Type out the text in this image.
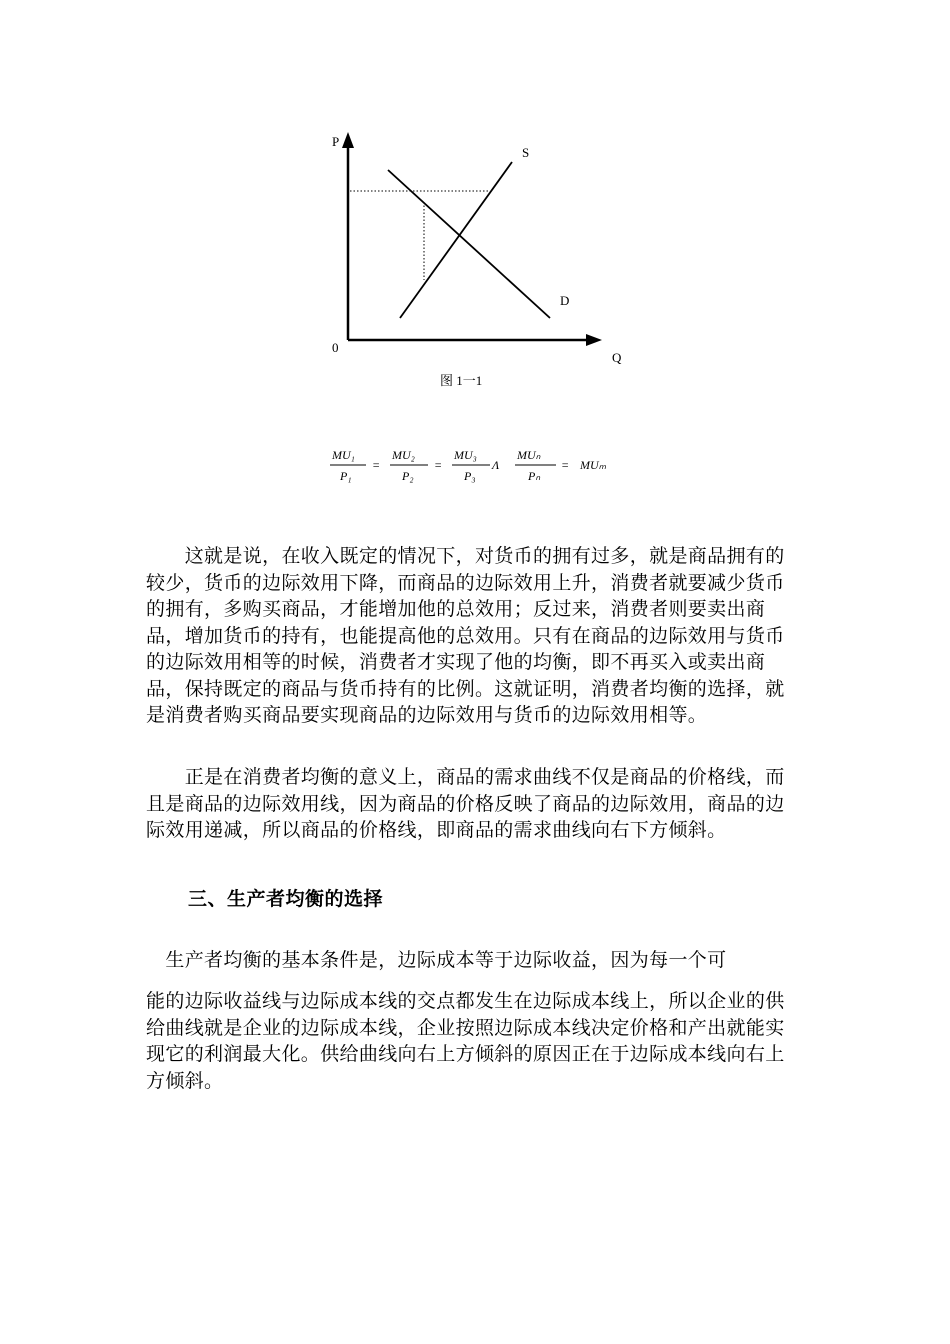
P
Q
0
S
D
图 1一1
MU₁
P₁
=
MU₂
P₂
=
MU₃
P₃
Λ
MUₙ
Pₙ
= MUₘ

　　这就是说，在收入既定的情况下，对货币的拥有过多，就是商品拥有的较少，货币的边际效用下降，而商品的边际效用上升，消费者就要减少货币的拥有，多购买商品，才能增加他的总效用；反过来，消费者则要卖出商品，增加货币的持有，也能提高他的总效用。只有在商品的边际效用与货币的边际效用相等的时候，消费者才实现了他的均衡，即不再买入或卖出商品，保持既定的商品与货币持有的比例。这就证明，消费者均衡的选择，就是消费者购买商品要实现商品的边际效用与货币的边际效用相等。

　　正是在消费者均衡的意义上，商品的需求曲线不仅是商品的价格线，而且是商品的边际效用线，因为商品的价格反映了商品的边际效用，商品的边际效用递减，所以商品的价格线，即商品的需求曲线向右下方倾斜。

三、生产者均衡的选择

　生产者均衡的基本条件是，边际成本等于边际收益，因为每一个可

能的边际收益线与边际成本线的交点都发生在边际成本线上，所以企业的供给曲线就是企业的边际成本线，企业按照边际成本线决定价格和产出就能实现它的利润最大化。供给曲线向右上方倾斜的原因正在于边际成本线向右上方倾斜。
